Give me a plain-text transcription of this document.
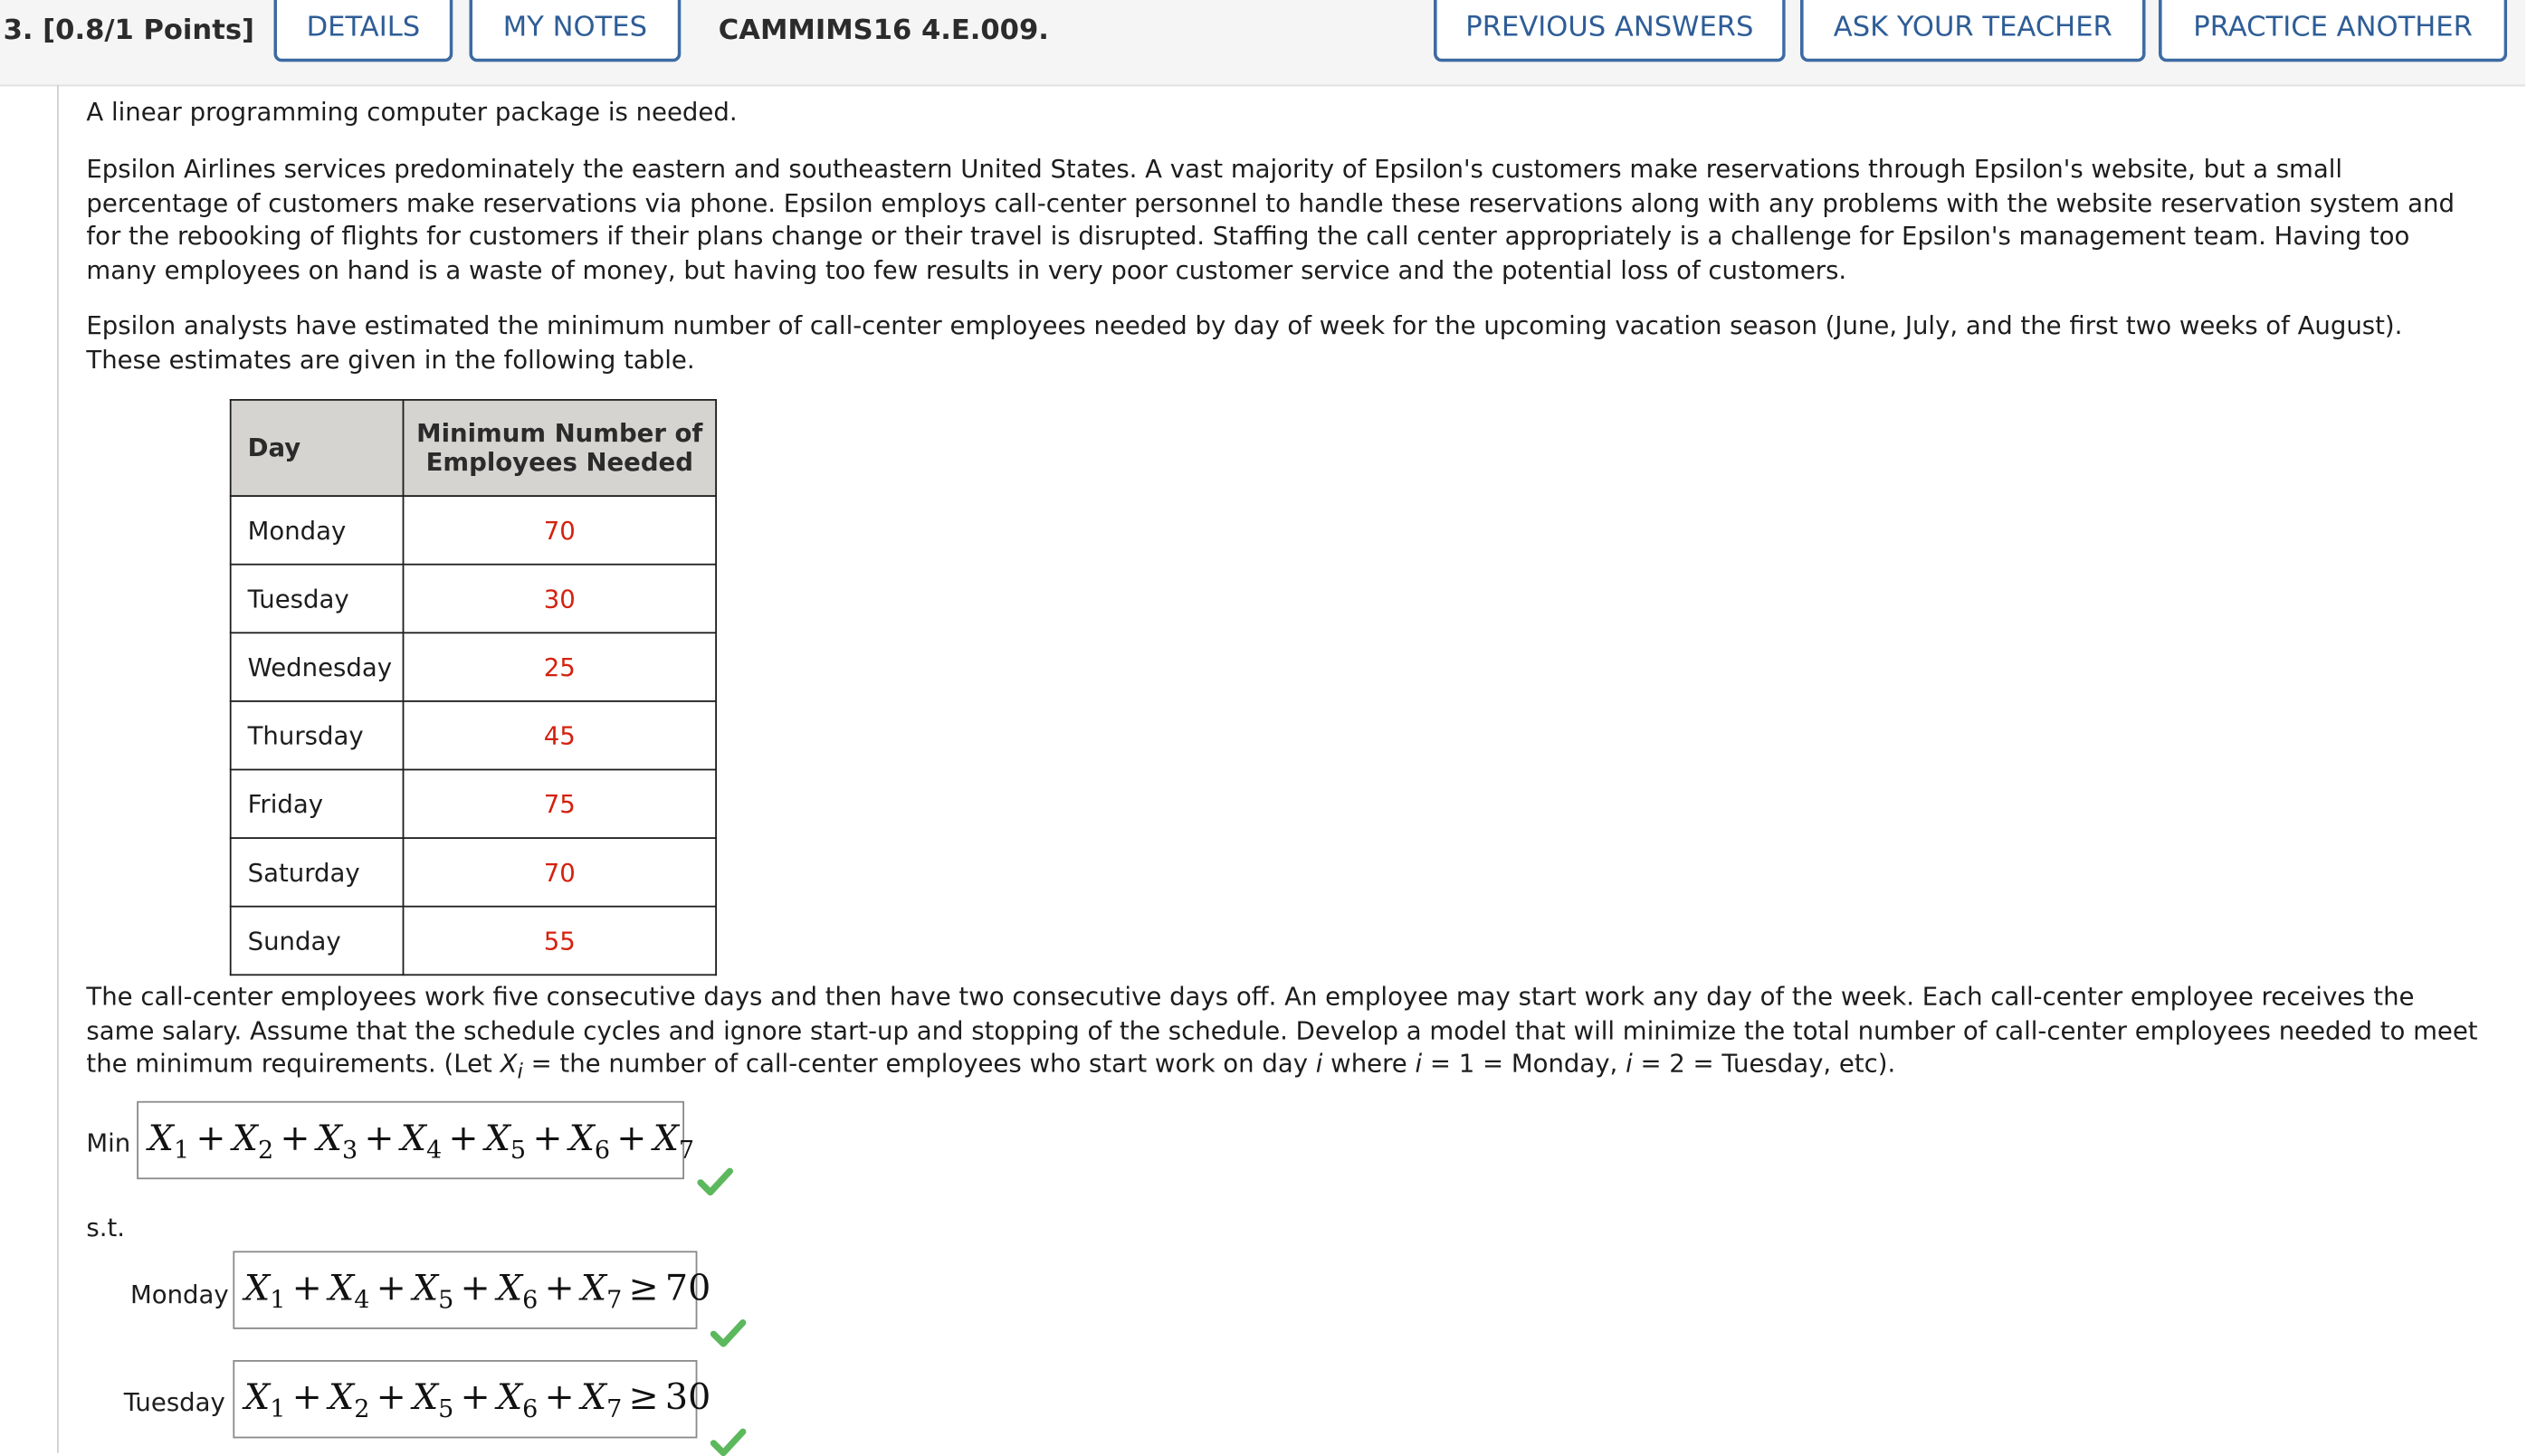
3. [0.8/1 Points]	DETAILS	MY NOTES	CAMMIMS16 4.E.009.	PREVIOUS ANSWERS	ASK YOUR TEACHER	PRACTICE ANOTHER

A linear programming computer package is needed.

Epsilon Airlines services predominately the eastern and southeastern United States. A vast majority of Epsilon's customers make reservations through Epsilon's website, but a small percentage of customers make reservations via phone. Epsilon employs call-center personnel to handle these reservations along with any problems with the website reservation system and for the rebooking of flights for customers if their plans change or their travel is disrupted. Staffing the call center appropriately is a challenge for Epsilon's management team. Having too many employees on hand is a waste of money, but having too few results in very poor customer service and the potential loss of customers.

Epsilon analysts have estimated the minimum number of call-center employees needed by day of week for the upcoming vacation season (June, July, and the first two weeks of August). These estimates are given in the following table.

Day	Minimum Number of
Employees Needed
Monday	70
Tuesday	30
Wednesday	25
Thursday	45
Friday	75
Saturday	70
Sunday	55

The call-center employees work five consecutive days and then have two consecutive days off. An employee may start work any day of the week. Each call-center employee receives the same salary. Assume that the schedule cycles and ignore start-up and stopping of the schedule. Develop a model that will minimize the total number of call-center employees needed to meet the minimum requirements. (Let $X_i$ = the number of call-center employees who start work on day i where i = 1 = Monday, i = 2 = Tuesday, etc).

Min $X_1 + X_2 + X_3 + X_4 + X_5 + X_6 + X_7$
s.t.
Monday $X_1 + X_4 + X_5 + X_6 + X_7 \ge 70$
Tuesday $X_1 + X_2 + X_5 + X_6 + X_7 \ge 30$
